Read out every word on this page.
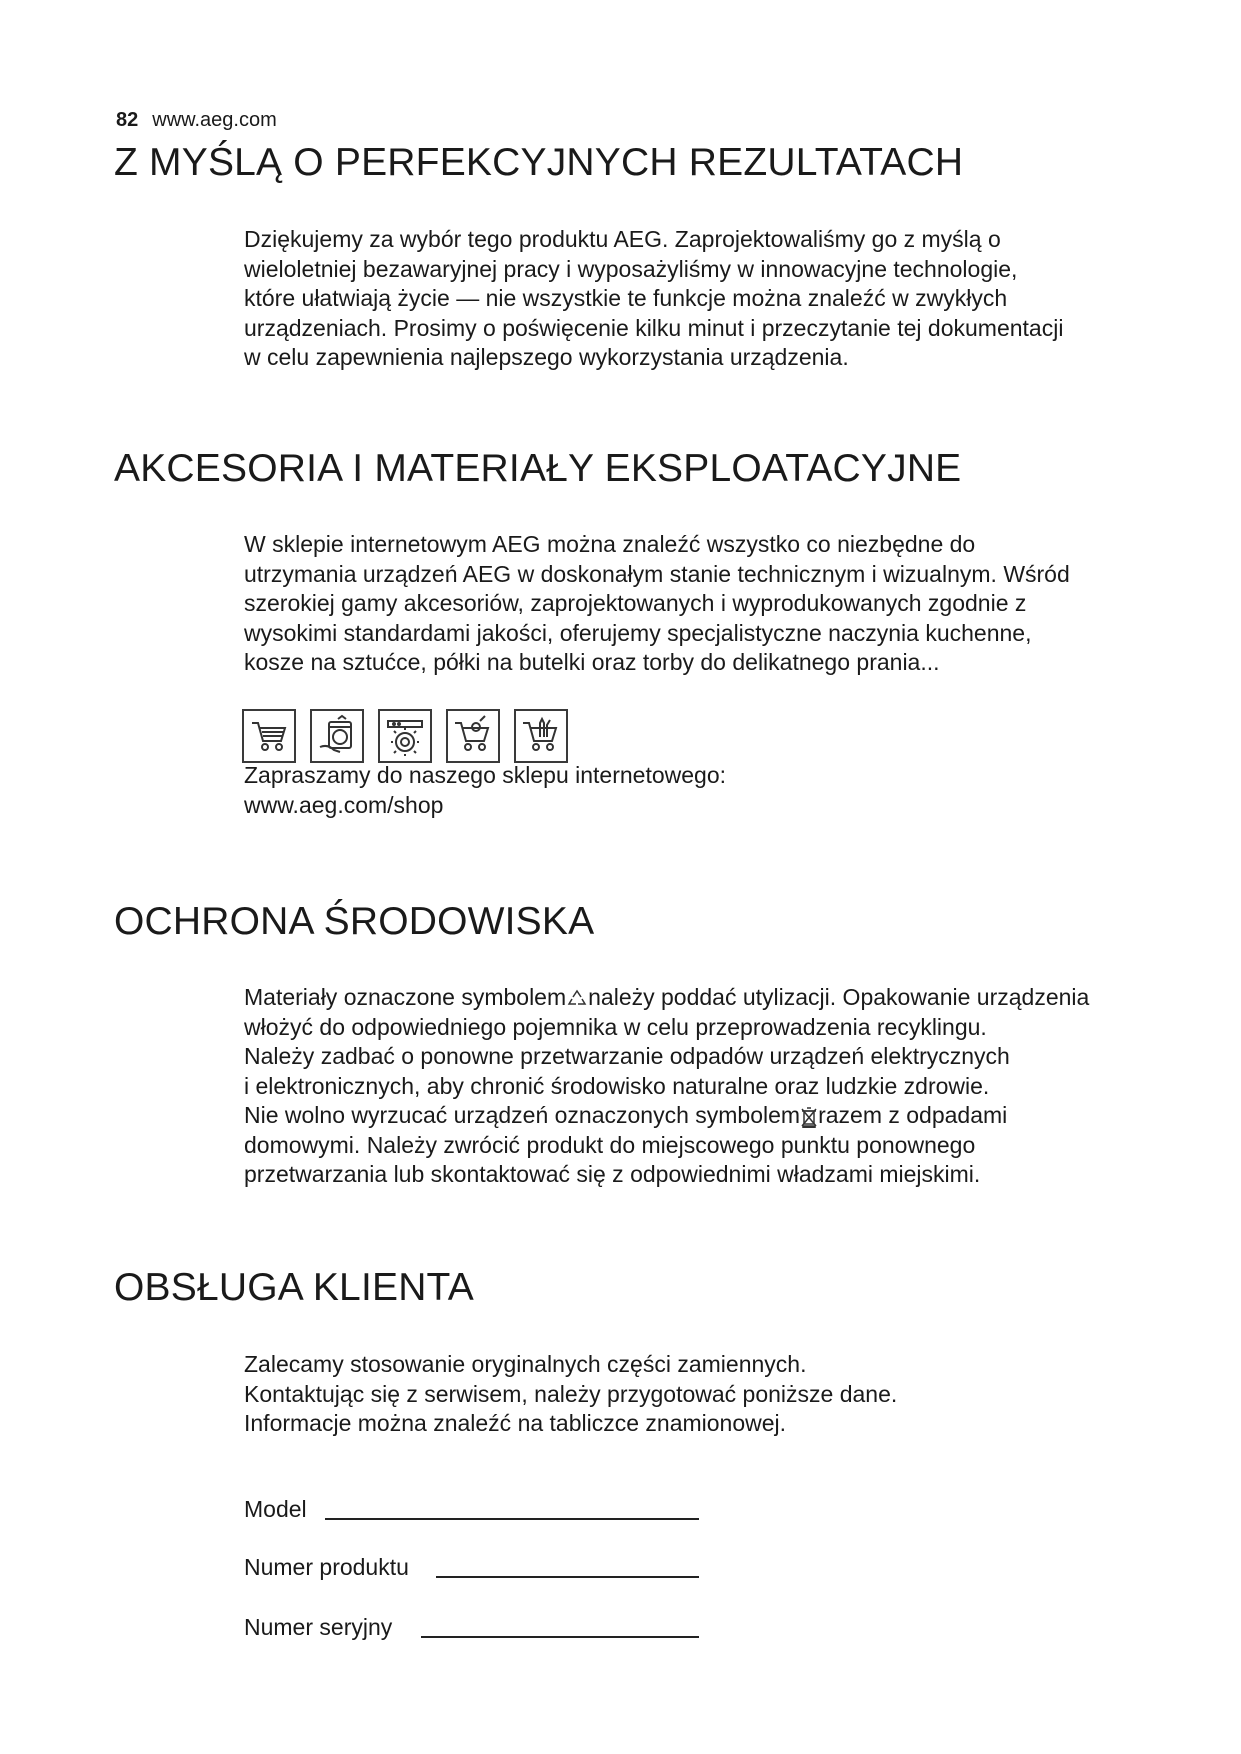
82 www.aeg.com
Z MYŚLĄ O PERFEKCYJNYCH REZULTATACH
Dziękujemy za wybór tego produktu AEG. Zaprojektowaliśmy go z myślą o
wieloletniej bezawaryjnej pracy i wyposażyliśmy w innowacyjne technologie,
które ułatwiają życie — nie wszystkie te funkcje można znaleźć w zwykłych
urządzeniach. Prosimy o poświęcenie kilku minut i przeczytanie tej dokumentacji
w celu zapewnienia najlepszego wykorzystania urządzenia.
AKCESORIA I MATERIAŁY EKSPLOATACYJNE
W sklepie internetowym AEG można znaleźć wszystko co niezbędne do
utrzymania urządzeń AEG w doskonałym stanie technicznym i wizualnym. Wśród
szerokiej gamy akcesoriów, zaprojektowanych i wyprodukowanych zgodnie z
wysokimi standardami jakości, oferujemy specjalistyczne naczynia kuchenne,
kosze na sztućce, półki na butelki oraz torby do delikatnego prania...
Zapraszamy do naszego sklepu internetowego:
www.aeg.com/shop
OCHRONA ŚRODOWISKA
Materiały oznaczone symbolem należy poddać utylizacji. Opakowanie urządzenia
włożyć do odpowiedniego pojemnika w celu przeprowadzenia recyklingu.
Należy zadbać o ponowne przetwarzanie odpadów urządzeń elektrycznych
i elektronicznych, aby chronić środowisko naturalne oraz ludzkie zdrowie.
Nie wolno wyrzucać urządzeń oznaczonych symbolem razem z odpadami
domowymi. Należy zwrócić produkt do miejscowego punktu ponownego
przetwarzania lub skontaktować się z odpowiednimi władzami miejskimi.
OBSŁUGA KLIENTA
Zalecamy stosowanie oryginalnych części zamiennych.
Kontaktując się z serwisem, należy przygotować poniższe dane.
Informacje można znaleźć na tabliczce znamionowej.
Model
Numer produktu
Numer seryjny
